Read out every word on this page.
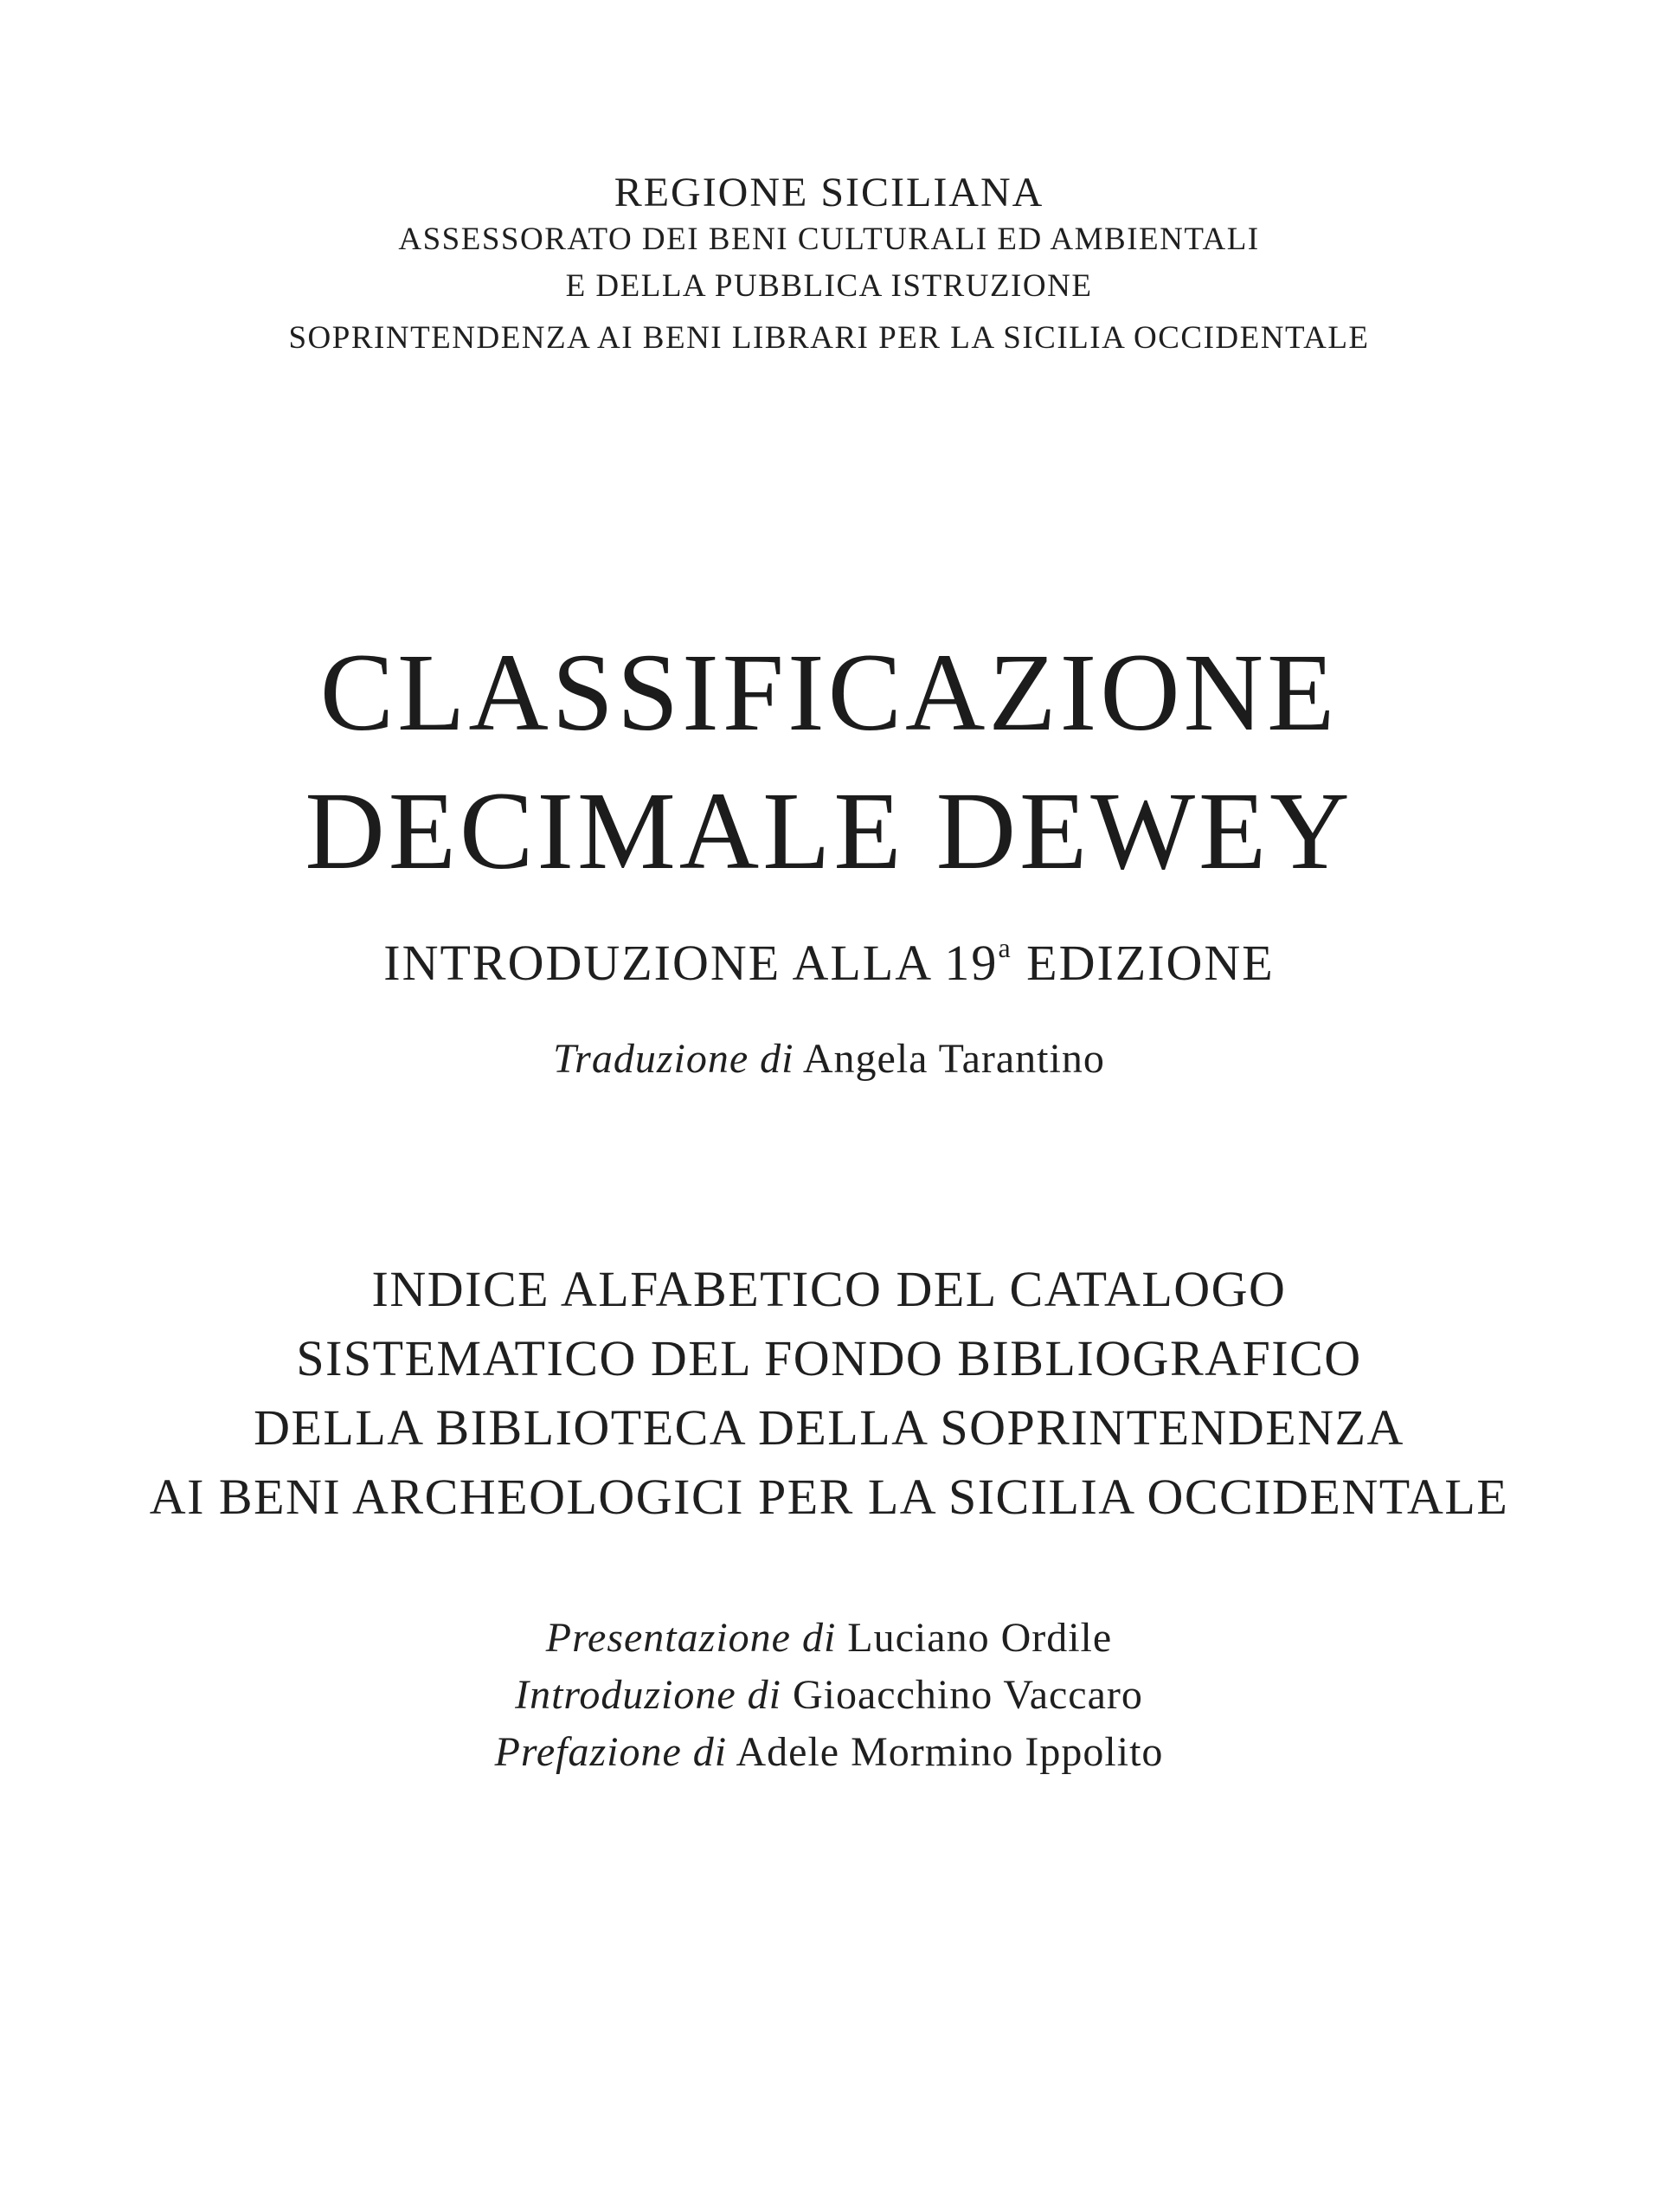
REGIONE SICILIANA
ASSESSORATO DEI BENI CULTURALI ED AMBIENTALI
E DELLA PUBBLICA ISTRUZIONE
SOPRINTENDENZA AI BENI LIBRARI PER LA SICILIA OCCIDENTALE
CLASSIFICAZIONE
DECIMALE DEWEY
INTRODUZIONE ALLA 19$^a$ EDIZIONE
Traduzione di Angela Tarantino
INDICE ALFABETICO DEL CATALOGO
SISTEMATICO DEL FONDO BIBLIOGRAFICO
DELLA BIBLIOTECA DELLA SOPRINTENDENZA
AI BENI ARCHEOLOGICI PER LA SICILIA OCCIDENTALE
Presentazione di Luciano Ordile
Introduzione di Gioacchino Vaccaro
Prefazione di Adele Mormino Ippolito
